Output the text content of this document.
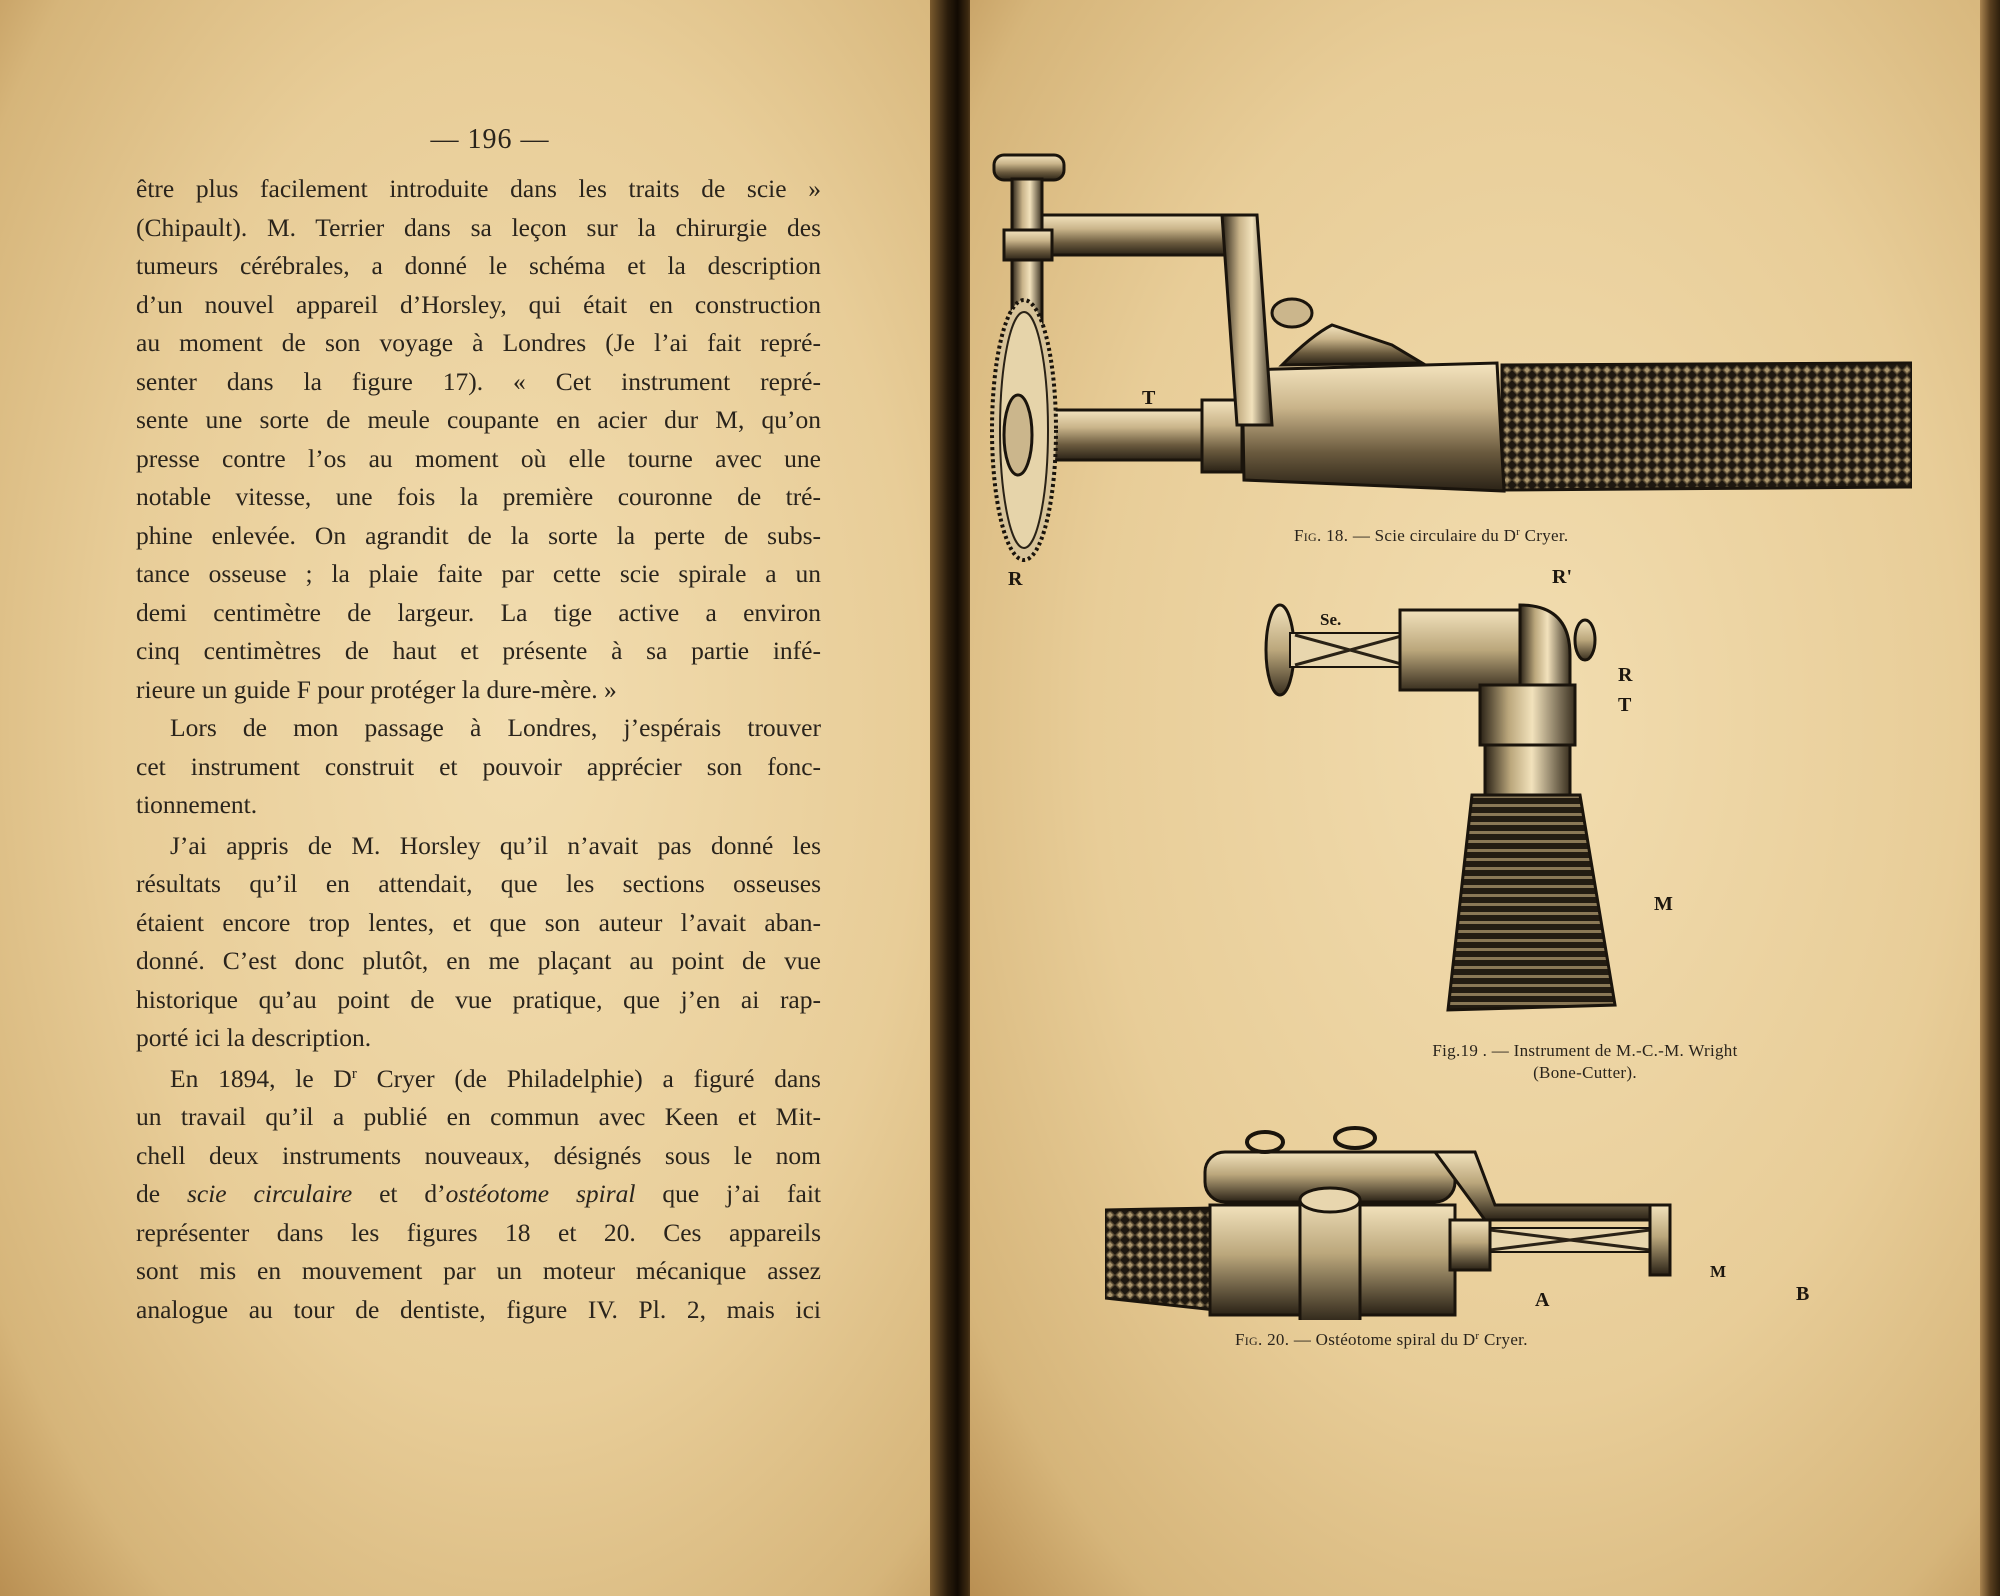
— 196 —

être plus facilement introduite dans les traits de scie »
(Chipault). M. Terrier dans sa leçon sur la chirurgie des
tumeurs cérébrales, a donné le schéma et la description
d’un nouvel appareil d’Horsley, qui était en construction
au moment de son voyage à Londres (Je l’ai fait repré-
senter dans la figure 17). « Cet instrument repré-
sente une sorte de meule coupante en acier dur M, qu’on
presse contre l’os au moment où elle tourne avec une
notable vitesse, une fois la première couronne de tré-
phine enlevée. On agrandit de la sorte la perte de subs-
tance osseuse ; la plaie faite par cette scie spirale a un
demi centimètre de largeur. La tige active a environ
cinq centimètres de haut et présente à sa partie infé-
rieure un guide F pour protéger la dure-mère. »

Lors de mon passage à Londres, j’espérais trouver
cet instrument construit et pouvoir apprécier son fonc-
tionnement.

J’ai appris de M. Horsley qu’il n’avait pas donné les
résultats qu’il en attendait, que les sections osseuses
étaient encore trop lentes, et que son auteur l’avait aban-
donné. C’est donc plutôt, en me plaçant au point de vue
historique qu’au point de vue pratique, que j’en ai rap-
porté ici la description.

En 1894, le $D^r$ Cryer (de Philadelphie) a figuré dans
un travail qu’il a publié en commun avec Keen et Mit-
chell deux instruments nouveaux, désignés sous le nom
de scie circulaire et d’ostéotome spiral que j’ai fait
représenter dans les figures 18 et 20. Ces appareils
sont mis en mouvement par un moteur mécanique assez
analogue au tour de dentiste, figure IV. Pl. 2, mais ici

T
R
Fig. 18. — Scie circulaire du $D^r$ Cryer.
Se.
R'
R
T
M
Fig.19 . — Instrument de M.-C.-M. Wright
(Bone-Cutter).
A
M
B
Fig. 20. — Ostéotome spiral du $D^r$ Cryer.
